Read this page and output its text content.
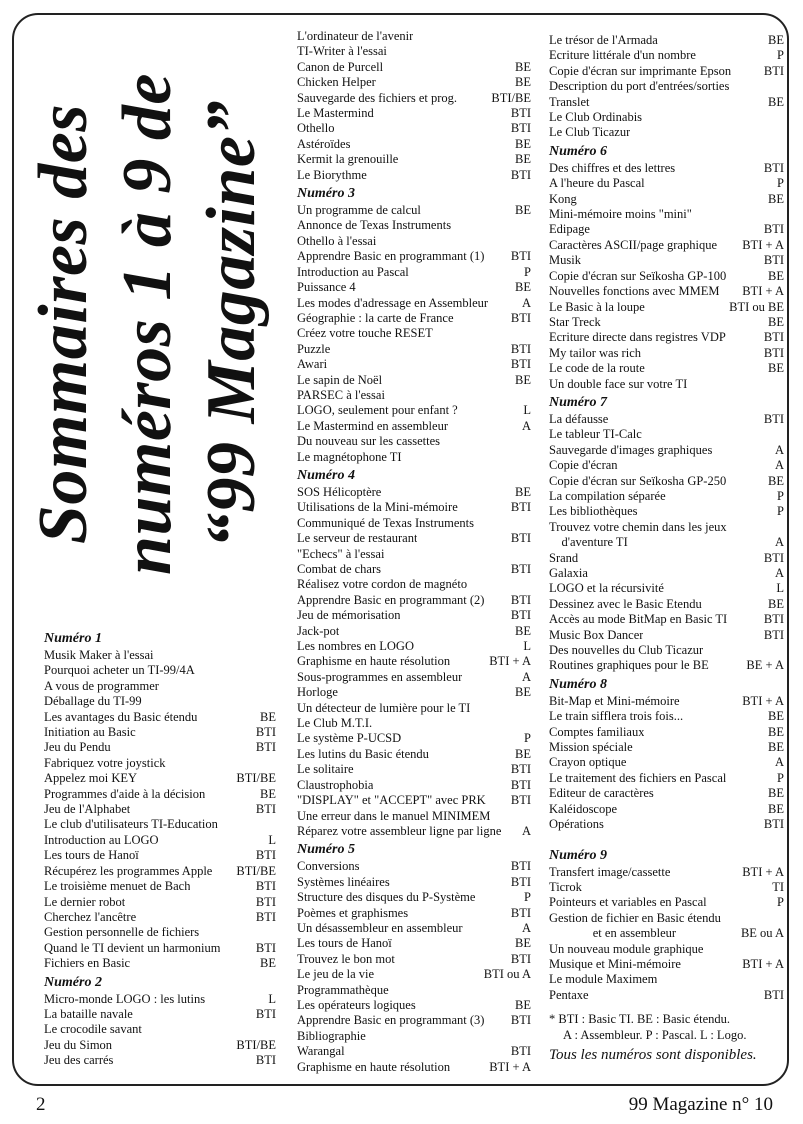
Sommaires des numéros 1 à 9 de “99 Magazine”
Numéro 1
Musik Maker à l'essai
Pourquoi acheter un TI-99/4A
A vous de programmer
Déballage du TI-99
Les avantages du Basic étendu	BE
Initiation au Basic	BTI
Jeu du Pendu	BTI
Fabriquez votre joystick
Appelez moi KEY	BTI/BE
Programmes d'aide à la décision	BE
Jeu de l'Alphabet	BTI
Le club d'utilisateurs TI-Education
Introduction au LOGO	L
Les tours de Hanoï	BTI
Récupérez les programmes Apple	BTI/BE
Le troisième menuet de Bach	BTI
Le dernier robot	BTI
Cherchez l'ancêtre	BTI
Gestion personnelle de fichiers
Quand le TI devient un harmonium	BTI
Fichiers en Basic	BE
Numéro 2
Micro-monde LOGO : les lutins	L
La bataille navale	BTI
Le crocodile savant
Jeu du Simon	BTI/BE
Jeu des carrés	BTI
L'ordinateur de l'avenir
TI-Writer à l'essai
Canon de Purcell	BE
Chicken Helper	BE
Sauvegarde des fichiers et prog.	BTI/BE
Le Mastermind	BTI
Othello	BTI
Astéroïdes	BE
Kermit la grenouille	BE
Le Biorythme	BTI
Numéro 3
Un programme de calcul	BE
Annonce de Texas Instruments
Othello à l'essai
Apprendre Basic en programmant (1)	BTI
Introduction au Pascal	P
Puissance 4	BE
Les modes d'adressage en Assembleur	A
Géographie : la carte de France	BTI
Créez votre touche RESET
Puzzle	BTI
Awari	BTI
Le sapin de Noël	BE
PARSEC à l'essai
LOGO, seulement pour enfant ?	L
Le Mastermind en assembleur	A
Du nouveau sur les cassettes
Le magnétophone TI
Numéro 4
SOS Hélicoptère	BE
Utilisations de la Mini-mémoire	BTI
Communiqué de Texas Instruments
Le serveur de restaurant	BTI
"Echecs" à l'essai
Combat de chars	BTI
Réalisez votre cordon de magnéto
Apprendre Basic en programmant (2)	BTI
Jeu de mémorisation	BTI
Jack-pot	BE
Les nombres en LOGO	L
Graphisme en haute résolution	BTI + A
Sous-programmes en assembleur	A
Horloge	BE
Un détecteur de lumière pour le TI
Le Club M.T.I.
Le système P-UCSD	P
Les lutins du Basic étendu	BE
Le solitaire	BTI
Claustrophobia	BTI
"DISPLAY" et "ACCEPT" avec PRK	BTI
Une erreur dans le manuel MINIMEM
Réparez votre assembleur ligne par ligne	A
Numéro 5
Conversions	BTI
Systèmes linéaires	BTI
Structure des disques du P-Système	P
Poèmes et graphismes	BTI
Un désassembleur en assembleur	A
Les tours de Hanoï	BE
Trouvez le bon mot	BTI
Le jeu de la vie	BTI ou A
Programmathèque
Les opérateurs logiques	BE
Apprendre Basic en programmant (3)	BTI
Bibliographie
Warangal	BTI
Graphisme en haute résolution	BTI + A
Le trésor de l'Armada	BE
Ecriture littérale d'un nombre	P
Copie d'écran sur imprimante Epson	BTI
Description du port d'entrées/sorties
Translet	BE
Le Club Ordinabis
Le Club Ticazur
Numéro 6
Des chiffres et des lettres	BTI
A l'heure du Pascal	P
Kong	BE
Mini-mémoire moins "mini"
Edipage	BTI
Caractères ASCII/page graphique	BTI + A
Musik	BTI
Copie d'écran sur Seïkosha GP-100	BE
Nouvelles fonctions avec MMEM	BTI + A
Le Basic à la loupe	BTI ou BE
Star Treck	BE
Ecriture directe dans registres VDP	BTI
My tailor was rich	BTI
Le code de la route	BE
Un double face sur votre TI
Numéro 7
La défausse	BTI
Le tableur TI-Calc
Sauvegarde d'images graphiques	A
Copie d'écran	A
Copie d'écran sur Seïkosha GP-250	BE
La compilation séparée	P
Les bibliothèques	P
Trouvez votre chemin dans les jeux
d'aventure TI	A
Srand	BTI
Galaxia	A
LOGO et la récursivité	L
Dessinez avec le Basic Etendu	BE
Accès au mode BitMap en Basic TI	BTI
Music Box Dancer	BTI
Des nouvelles du Club Ticazur
Routines graphiques pour le BE	BE + A
Numéro 8
Bit-Map et Mini-mémoire	BTI + A
Le train sifflera trois fois...	BE
Comptes familiaux	BE
Mission spéciale	BE
Crayon optique	A
Le traitement des fichiers en Pascal	P
Editeur de caractères	BE
Kaléidoscope	BE
Opérations	BTI
Numéro 9
Transfert image/cassette	BTI + A
Ticrok	TI
Pointeurs et variables en Pascal	P
Gestion de fichier en Basic étendu
et en assembleur	BE ou A
Un nouveau module graphique
Musique et Mini-mémoire	BTI + A
Le module Maximem
Pentaxe	BTI
* BTI : Basic TI. BE : Basic étendu.
A : Assembleur. P : Pascal. L : Logo.
Tous les numéros sont disponibles.
2	99 Magazine n° 10
